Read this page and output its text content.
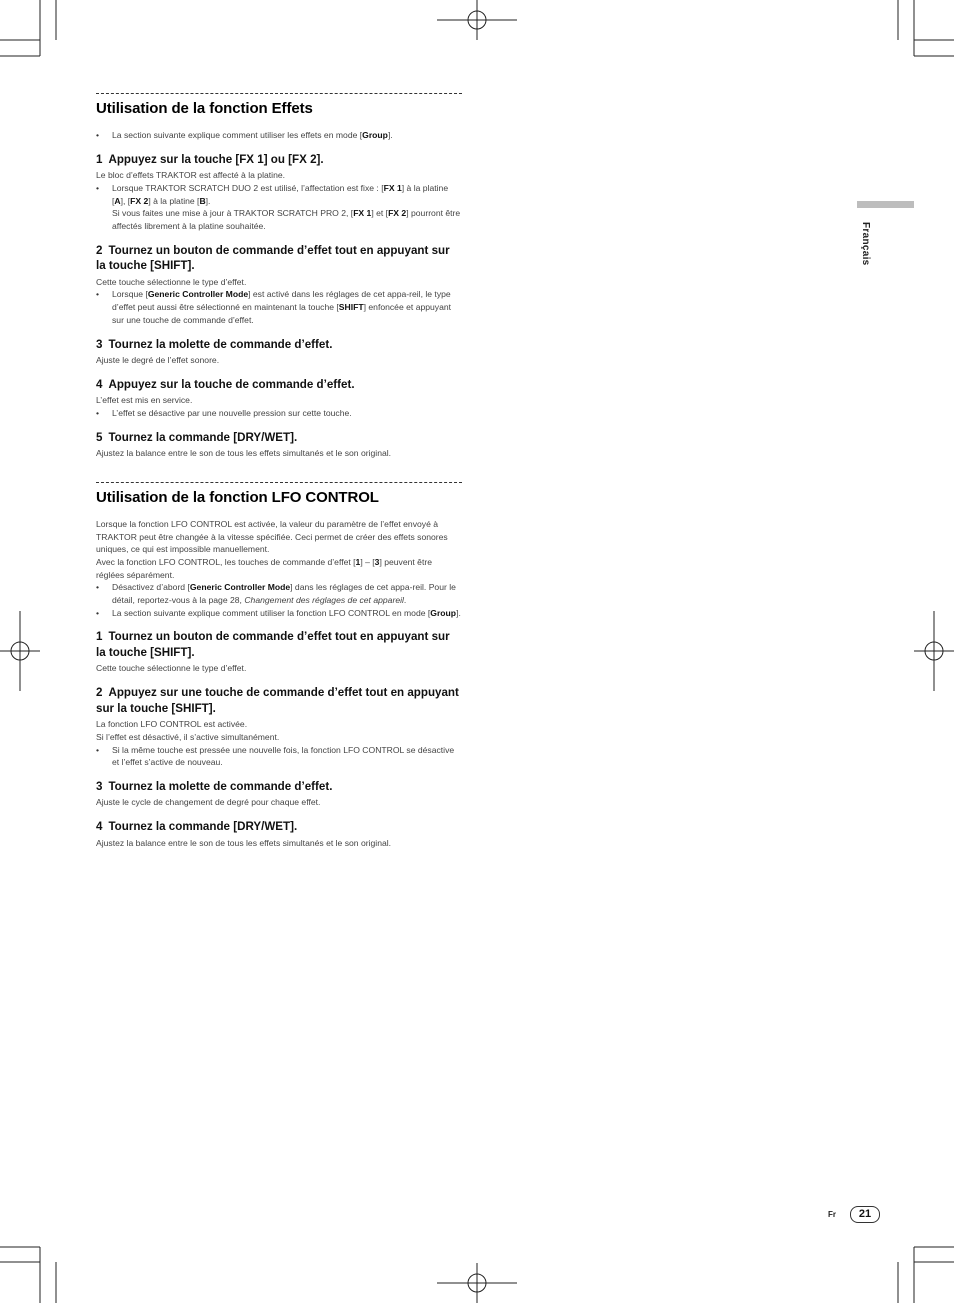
Utilisation de la fonction Effets
• La section suivante explique comment utiliser les effets en mode [Group].
1 Appuyez sur la touche [FX 1] ou [FX 2].

Le bloc d’effets TRAKTOR est affecté à la platine.

• Lorsque TRAKTOR SCRATCH DUO 2 est utilisé, l’affectation est fixe : [FX 1] à la platine [A], [FX 2] à la platine [B].
Si vous faites une mise à jour à TRAKTOR SCRATCH PRO 2, [FX 1] et [FX 2] pourront être affectés librement à la platine souhaitée.
2 Tournez un bouton de commande d’effet tout en appuyant sur la touche [SHIFT].

Cette touche sélectionne le type d’effet.

• Lorsque [Generic Controller Mode] est activé dans les réglages de cet appa-reil, le type d’effet peut aussi être sélectionné en maintenant la touche [SHIFT] enfoncée et appuyant sur une touche de commande d’effet.
3 Tournez la molette de commande d’effet.

Ajuste le degré de l’effet sonore.

4 Appuyez sur la touche de commande d’effet.

L’effet est mis en service.

• L’effet se désactive par une nouvelle pression sur cette touche.
5 Tournez la commande [DRY/WET].

Ajustez la balance entre le son de tous les effets simultanés et le son original.

Utilisation de la fonction LFO CONTROL

Lorsque la fonction LFO CONTROL est activée, la valeur du paramètre de l’effet envoyé à TRAKTOR peut être changée à la vitesse spécifiée. Ceci permet de créer des effets sonores uniques, ce qui est impossible manuellement.

Avec la fonction LFO CONTROL, les touches de commande d’effet [1] – [3] peuvent être réglées séparément.

• Désactivez d’abord [Generic Controller Mode] dans les réglages de cet appa-reil. Pour le détail, reportez-vous à la page 28, Changement des réglages de cet appareil.
• La section suivante explique comment utiliser la fonction LFO CONTROL en mode [Group].
1 Tournez un bouton de commande d’effet tout en appuyant sur la touche [SHIFT].

Cette touche sélectionne le type d’effet.

2 Appuyez sur une touche de commande d’effet tout en appuyant sur la touche [SHIFT].

La fonction LFO CONTROL est activée.

Si l’effet est désactivé, il s’active simultanément.

• Si la même touche est pressée une nouvelle fois, la fonction LFO CONTROL se désactive et l’effet s’active de nouveau.
3 Tournez la molette de commande d’effet.

Ajuste le cycle de changement de degré pour chaque effet.

4 Tournez la commande [DRY/WET].

Ajustez la balance entre le son de tous les effets simultanés et le son original.

Français
Fr	21
